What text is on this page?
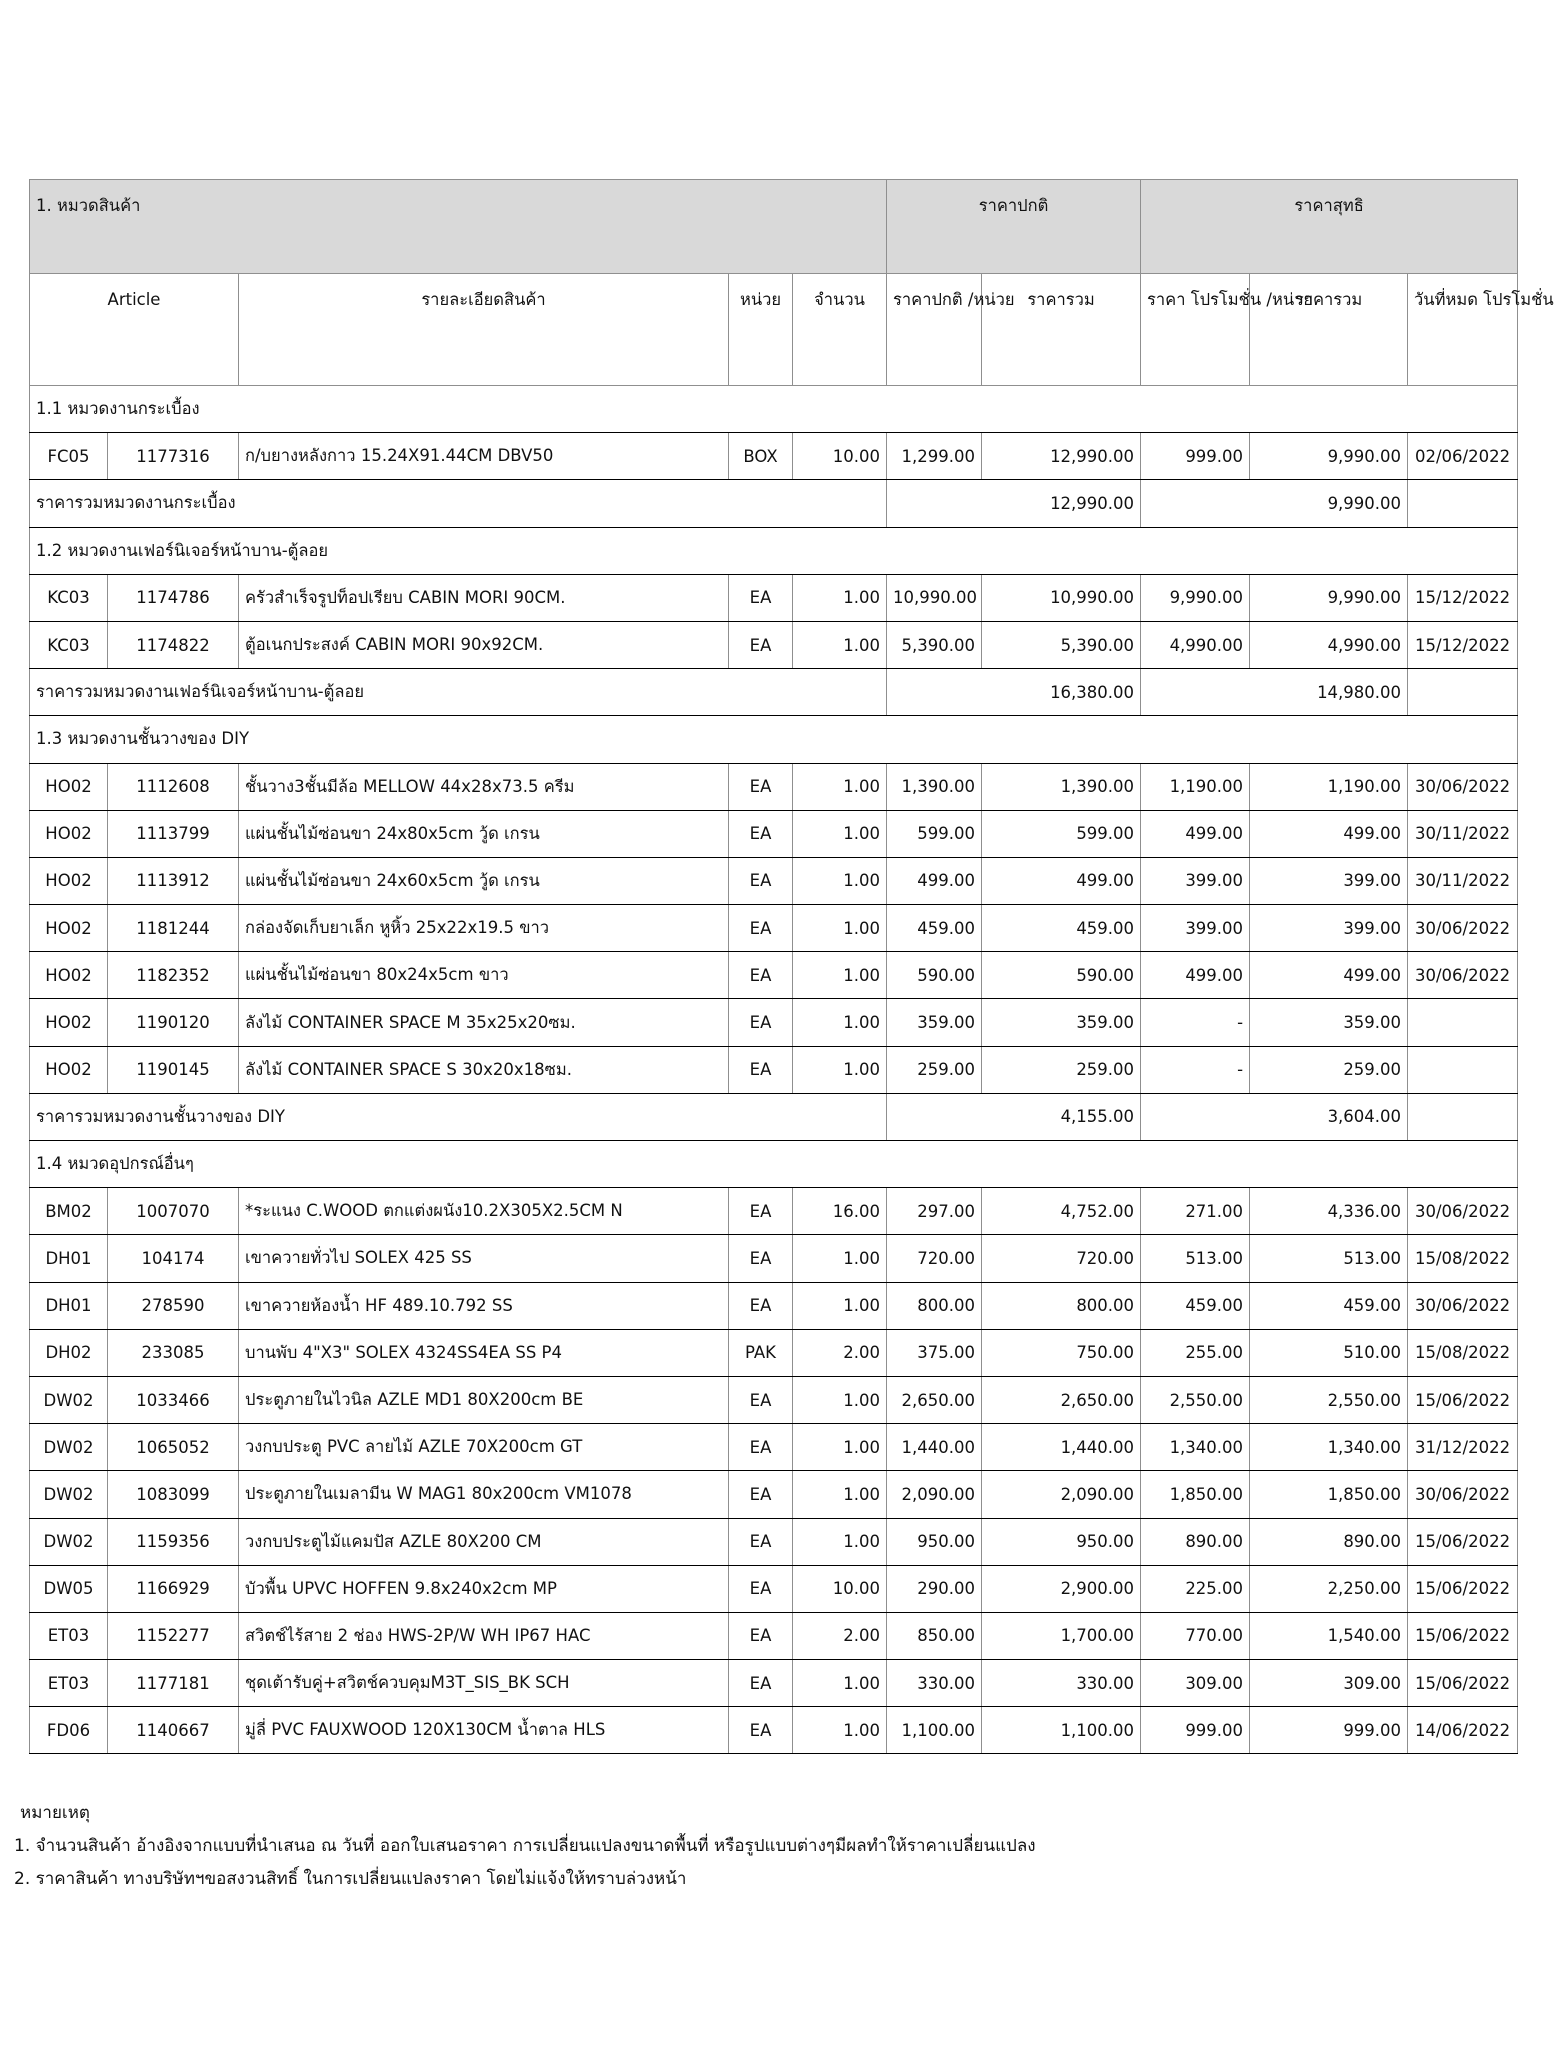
1. หมวดสินค้า					ราคาปกติ		ราคาสุทธิ		
Article		รายละเอียดสินค้า	หน่วย	จำนวน	ราคาปกติ /หน่วย	ราคารวม	ราคา โปรโมชั่น /หน่วย	ราคารวม	วันที่หมด โปรโมชั่น
1.1 หมวดงานกระเบื้อง									
FC05	1177316	ก/บยางหลังกาว 15.24X91.44CM DBV50	BOX	10.00	1,299.00	12,990.00	999.00	9,990.00	02/06/2022
ราคารวมหมวดงานกระเบื้อง					12,990.00		9,990.00		
1.2 หมวดงานเฟอร์นิเจอร์หน้าบาน-ตู้ลอย									
KC03	1174786	ครัวสำเร็จรูปท็อปเรียบ CABIN MORI 90CM.	EA	1.00	10,990.00	10,990.00	9,990.00	9,990.00	15/12/2022
KC03	1174822	ตู้อเนกประสงค์ CABIN MORI 90x92CM.	EA	1.00	5,390.00	5,390.00	4,990.00	4,990.00	15/12/2022
ราคารวมหมวดงานเฟอร์นิเจอร์หน้าบาน-ตู้ลอย					16,380.00		14,980.00		
1.3 หมวดงานชั้นวางของ DIY									
HO02	1112608	ชั้นวาง3ชั้นมีล้อ MELLOW 44x28x73.5 ครีม	EA	1.00	1,390.00	1,390.00	1,190.00	1,190.00	30/06/2022
HO02	1113799	แผ่นชั้นไม้ซ่อนขา 24x80x5cm วู้ด เกรน	EA	1.00	599.00	599.00	499.00	499.00	30/11/2022
HO02	1113912	แผ่นชั้นไม้ซ่อนขา 24x60x5cm วู้ด เกรน	EA	1.00	499.00	499.00	399.00	399.00	30/11/2022
HO02	1181244	กล่องจัดเก็บยาเล็ก หูหิ้ว 25x22x19.5 ขาว	EA	1.00	459.00	459.00	399.00	399.00	30/06/2022
HO02	1182352	แผ่นชั้นไม้ซ่อนขา 80x24x5cm ขาว	EA	1.00	590.00	590.00	499.00	499.00	30/06/2022
HO02	1190120	ลังไม้ CONTAINER SPACE M 35x25x20ซม.	EA	1.00	359.00	359.00	-	359.00	
HO02	1190145	ลังไม้ CONTAINER SPACE S 30x20x18ซม.	EA	1.00	259.00	259.00	-	259.00	
ราคารวมหมวดงานชั้นวางของ DIY					4,155.00		3,604.00		
1.4 หมวดอุปกรณ์อื่นๆ									
BM02	1007070	*ระแนง C.WOOD ตกแต่งผนัง10.2X305X2.5CM N	EA	16.00	297.00	4,752.00	271.00	4,336.00	30/06/2022
DH01	104174	เขาควายทั่วไป SOLEX 425 SS	EA	1.00	720.00	720.00	513.00	513.00	15/08/2022
DH01	278590	เขาควายห้องน้ำ HF 489.10.792 SS	EA	1.00	800.00	800.00	459.00	459.00	30/06/2022
DH02	233085	บานพับ 4"X3" SOLEX 4324SS4EA SS P4	PAK	2.00	375.00	750.00	255.00	510.00	15/08/2022
DW02	1033466	ประตูภายในไวนิล AZLE MD1 80X200cm BE	EA	1.00	2,650.00	2,650.00	2,550.00	2,550.00	15/06/2022
DW02	1065052	วงกบประตู PVC ลายไม้ AZLE 70X200cm GT	EA	1.00	1,440.00	1,440.00	1,340.00	1,340.00	31/12/2022
DW02	1083099	ประตูภายในเมลามีน W MAG1 80x200cm VM1078	EA	1.00	2,090.00	2,090.00	1,850.00	1,850.00	30/06/2022
DW02	1159356	วงกบประตูไม้แคมปัส AZLE 80X200 CM	EA	1.00	950.00	950.00	890.00	890.00	15/06/2022
DW05	1166929	บัวพื้น UPVC HOFFEN 9.8x240x2cm MP	EA	10.00	290.00	2,900.00	225.00	2,250.00	15/06/2022
ET03	1152277	สวิตช์ไร้สาย 2 ช่อง HWS-2P/W WH IP67 HAC	EA	2.00	850.00	1,700.00	770.00	1,540.00	15/06/2022
ET03	1177181	ชุดเต้ารับคู่+สวิตช์ควบคุมM3T_SIS_BK SCH	EA	1.00	330.00	330.00	309.00	309.00	15/06/2022
FD06	1140667	มู่ลี่ PVC FAUXWOOD 120X130CM น้ำตาล HLS	EA	1.00	1,100.00	1,100.00	999.00	999.00	14/06/2022
หมายเหตุ
1. จำนวนสินค้า อ้างอิงจากแบบที่นำเสนอ ณ วันที่ ออกใบเสนอราคา การเปลี่ยนแปลงขนาดพื้นที่ หรือรูปแบบต่างๆมีผลทำให้ราคาเปลี่ยนแปลง
2. ราคาสินค้า ทางบริษัทฯขอสงวนสิทธิ์ ในการเปลี่ยนแปลงราคา โดยไม่แจ้งให้ทราบล่วงหน้า
